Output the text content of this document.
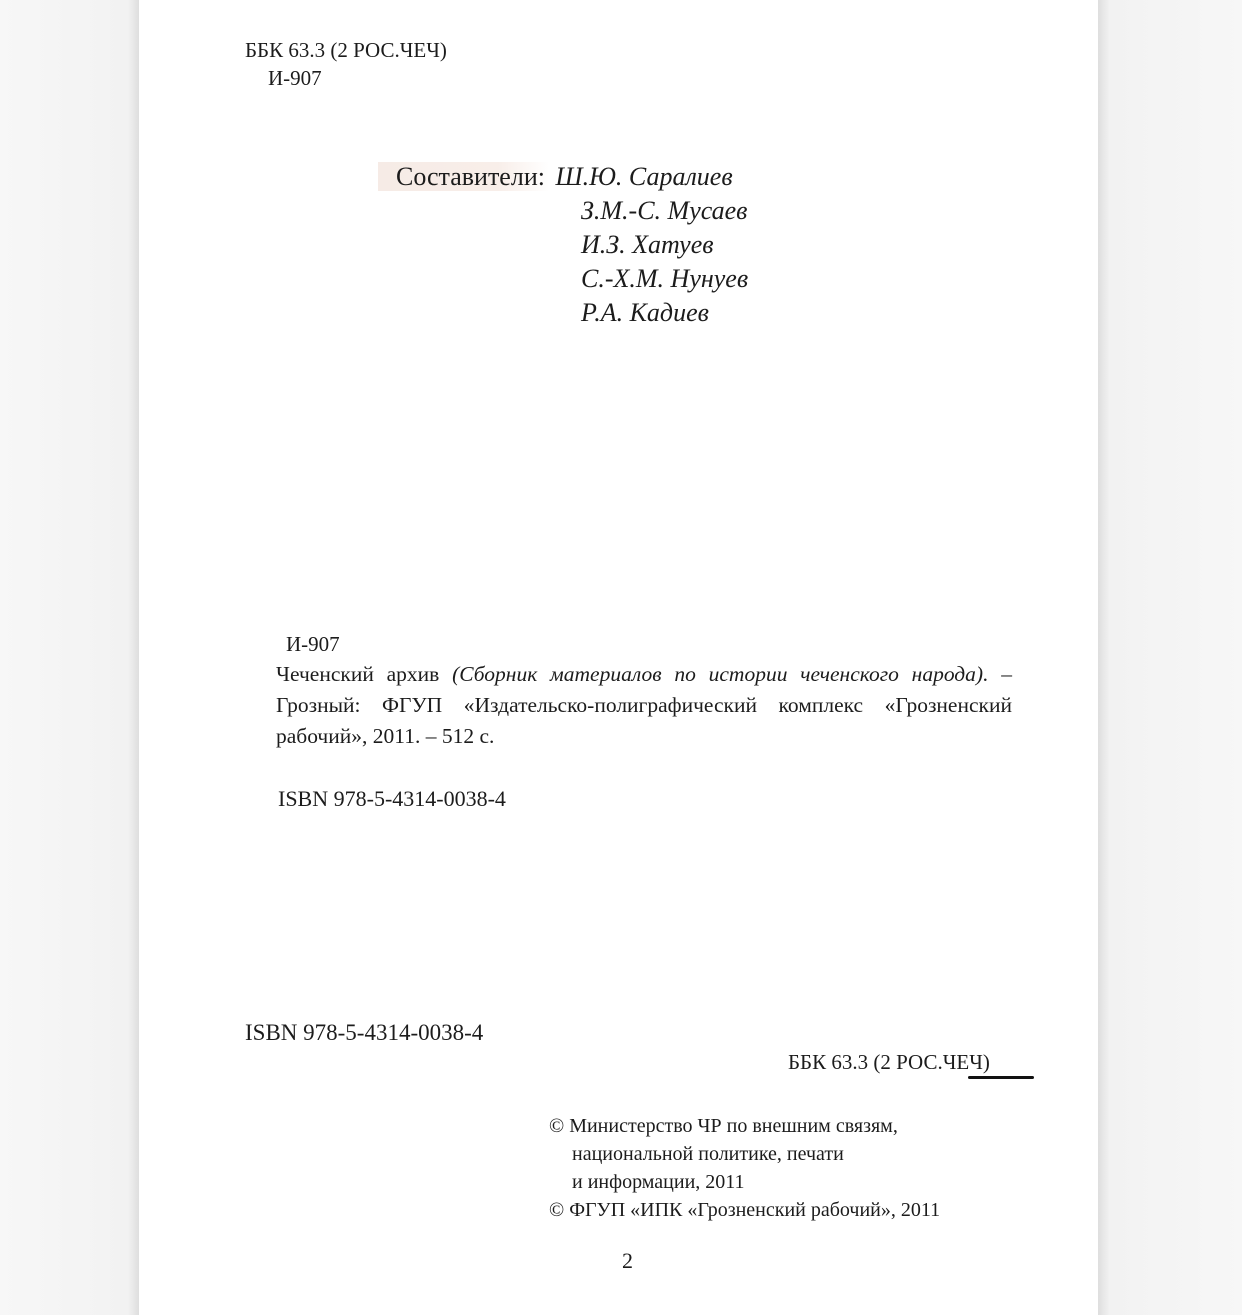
ББК 63.3 (2 РОС.ЧЕЧ)
И-907
Составители: Ш.Ю. Саралиев
З.М.-С. Мусаев
И.З. Хатуев
С.-Х.М. Нунуев
Р.А. Кадиев
И-907
Чеченский архив (Сборник материалов по истории чеченского народа). – Грозный: ФГУП «Издательско-полиграфический комплекс «Грозненский рабочий», 2011. – 512 с.
ISBN 978-5-4314-0038-4
ISBN 978-5-4314-0038-4
ББК 63.3 (2 РОС.ЧЕЧ)
© Министерство ЧР по внешним связям,
национальной политике, печати
и информации, 2011
© ФГУП «ИПК «Грозненский рабочий», 2011
2
